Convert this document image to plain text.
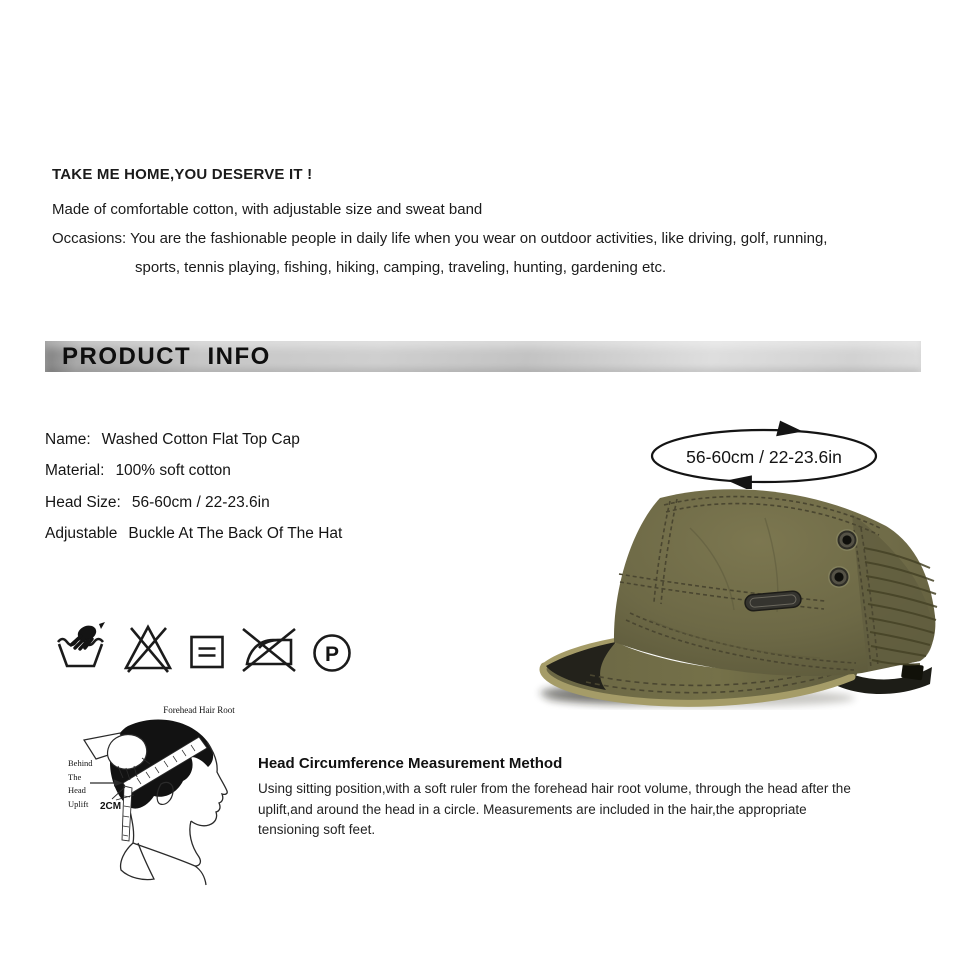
TAKE ME HOME,YOU DESERVE IT !
Made of comfortable cotton, with adjustable size and sweat band
Occasions: You are the fashionable people in daily life when you wear on outdoor activities, like driving, golf, running,
sports, tennis playing, fishing, hiking, camping, traveling, hunting, gardening etc.
PRODUCT  INFO
Name: Washed Cotton Flat Top Cap
Material: 100% soft cotton
Head Size: 56-60cm / 22-23.6in
Adjustable Buckle At The Back Of The Hat
56-60cm / 22-23.6in
P
Forehead Hair Root
Behind
The
Head
Uplift 2CM
Head Circumference Measurement Method
Using sitting position,with a soft ruler from the forehead hair root volume, through the head after the
uplift,and around the head in a circle. Measurements are included in the hair,the appropriate
tensioning soft feet.
